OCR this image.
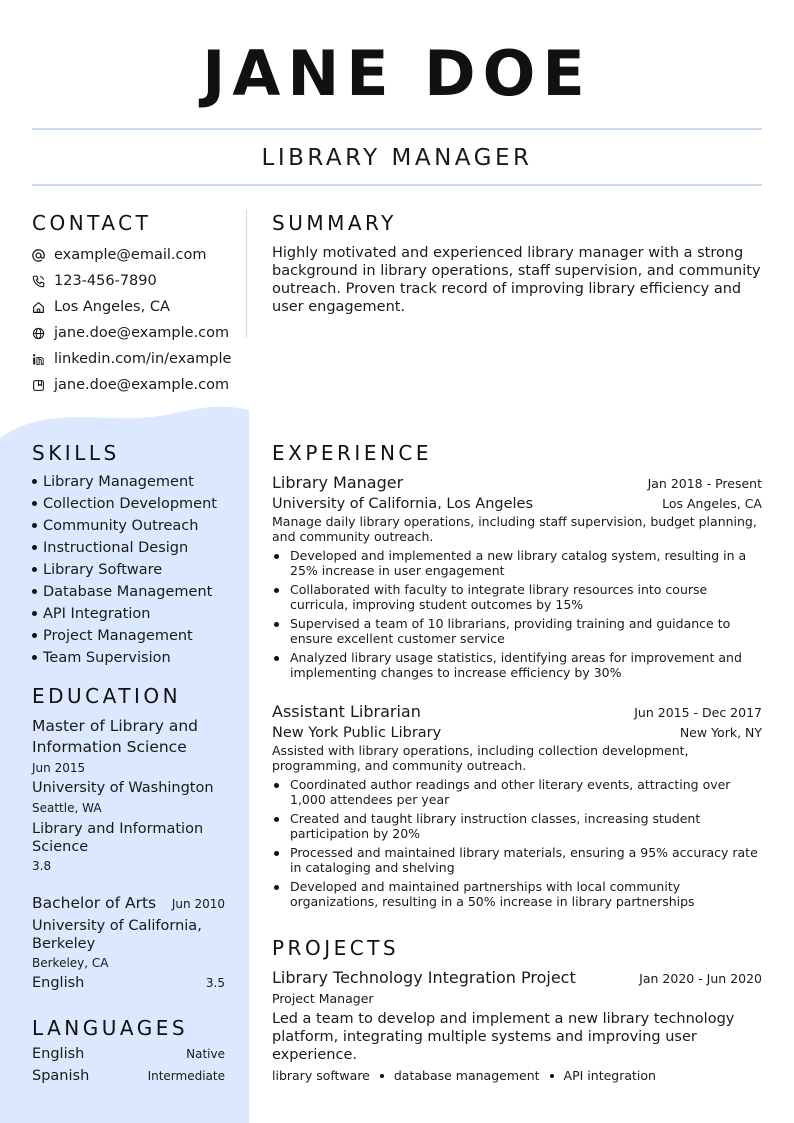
JANE DOE
LIBRARY MANAGER
CONTACT
example@email.com
123-456-7890
Los Angeles, CA
jane.doe@example.com
linkedin.com/in/example
jane.doe@example.com
SUMMARY
Highly motivated and experienced library manager with a strong background in library operations, staff supervision, and community outreach. Proven track record of improving library efficiency and user engagement.
SKILLS
Library Management
Collection Development
Community Outreach
Instructional Design
Library Software
Database Management
API Integration
Project Management
Team Supervision
EDUCATION
Master of Library and Information Science
Jun 2015
University of Washington
Seattle, WA
Library and Information Science
3.8
Bachelor of Arts Jun 2010
University of California, Berkeley
Berkeley, CA
English	3.5
LANGUAGES
English	Native
Spanish	Intermediate
EXPERIENCE
Library Manager	Jan 2018 - Present
University of California, Los Angeles	Los Angeles, CA
Manage daily library operations, including staff supervision, budget planning, and community outreach.
Developed and implemented a new library catalog system, resulting in a 25% increase in user engagement
Collaborated with faculty to integrate library resources into course curricula, improving student outcomes by 15%
Supervised a team of 10 librarians, providing training and guidance to ensure excellent customer service
Analyzed library usage statistics, identifying areas for improvement and implementing changes to increase efficiency by 30%
Assistant Librarian	Jun 2015 - Dec 2017
New York Public Library	New York, NY
Assisted with library operations, including collection development, programming, and community outreach.
Coordinated author readings and other literary events, attracting over 1,000 attendees per year
Created and taught library instruction classes, increasing student participation by 20%
Processed and maintained library materials, ensuring a 95% accuracy rate in cataloging and shelving
Developed and maintained partnerships with local community organizations, resulting in a 50% increase in library partnerships
PROJECTS
Library Technology Integration Project	Jan 2020 - Jun 2020
Project Manager
Led a team to develop and implement a new library technology platform, integrating multiple systems and improving user experience.
library software database management API integration
